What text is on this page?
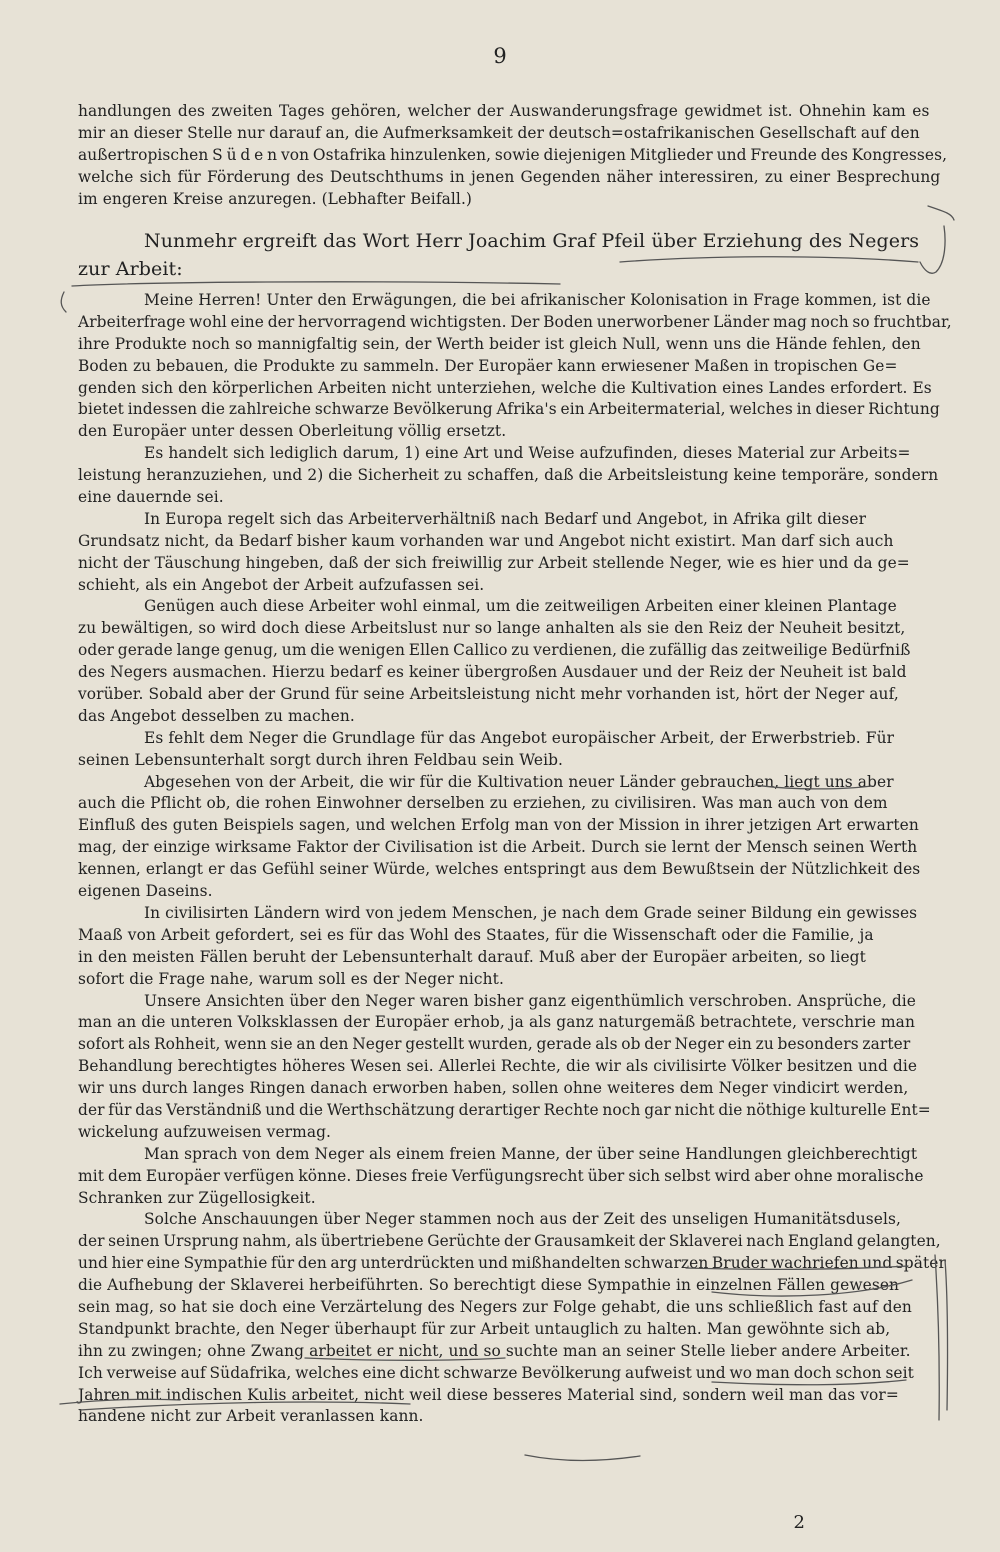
9
handlungen des zweiten Tages gehören, welcher der Auswanderungsfrage gewidmet ist. Ohnehin kam es
mir an dieser Stelle nur darauf an, die Aufmerksamkeit der deutsch=ostafrikanischen Gesellschaft auf den
außertropischen S ü d e n von Ostafrika hinzulenken, sowie diejenigen Mitglieder und Freunde des Kongresses,
welche sich für Förderung des Deutschthums in jenen Gegenden näher interessiren, zu einer Besprechung
im engeren Kreise anzuregen. (Lebhafter Beifall.)
Nunmehr ergreift das Wort Herr Joachim Graf Pfeil über Erziehung des Negers
zur Arbeit:
Meine Herren! Unter den Erwägungen, die bei afrikanischer Kolonisation in Frage kommen, ist die
Arbeiterfrage wohl eine der hervorragend wichtigsten. Der Boden unerworbener Länder mag noch so fruchtbar,
ihre Produkte noch so mannigfaltig sein, der Werth beider ist gleich Null, wenn uns die Hände fehlen, den
Boden zu bebauen, die Produkte zu sammeln. Der Europäer kann erwiesener Maßen in tropischen Ge=
genden sich den körperlichen Arbeiten nicht unterziehen, welche die Kultivation eines Landes erfordert. Es
bietet indessen die zahlreiche schwarze Bevölkerung Afrika's ein Arbeitermaterial, welches in dieser Richtung
den Europäer unter dessen Oberleitung völlig ersetzt.
Es handelt sich lediglich darum, 1) eine Art und Weise aufzufinden, dieses Material zur Arbeits=
leistung heranzuziehen, und 2) die Sicherheit zu schaffen, daß die Arbeitsleistung keine temporäre, sondern
eine dauernde sei.
In Europa regelt sich das Arbeiterverhältniß nach Bedarf und Angebot, in Afrika gilt dieser
Grundsatz nicht, da Bedarf bisher kaum vorhanden war und Angebot nicht existirt. Man darf sich auch
nicht der Täuschung hingeben, daß der sich freiwillig zur Arbeit stellende Neger, wie es hier und da ge=
schieht, als ein Angebot der Arbeit aufzufassen sei.
Genügen auch diese Arbeiter wohl einmal, um die zeitweiligen Arbeiten einer kleinen Plantage
zu bewältigen, so wird doch diese Arbeitslust nur so lange anhalten als sie den Reiz der Neuheit besitzt,
oder gerade lange genug, um die wenigen Ellen Callico zu verdienen, die zufällig das zeitweilige Bedürfniß
des Negers ausmachen. Hierzu bedarf es keiner übergroßen Ausdauer und der Reiz der Neuheit ist bald
vorüber. Sobald aber der Grund für seine Arbeitsleistung nicht mehr vorhanden ist, hört der Neger auf,
das Angebot desselben zu machen.
Es fehlt dem Neger die Grundlage für das Angebot europäischer Arbeit, der Erwerbstrieb. Für
seinen Lebensunterhalt sorgt durch ihren Feldbau sein Weib.
Abgesehen von der Arbeit, die wir für die Kultivation neuer Länder gebrauchen, liegt uns aber
auch die Pflicht ob, die rohen Einwohner derselben zu erziehen, zu civilisiren. Was man auch von dem
Einfluß des guten Beispiels sagen, und welchen Erfolg man von der Mission in ihrer jetzigen Art erwarten
mag, der einzige wirksame Faktor der Civilisation ist die Arbeit. Durch sie lernt der Mensch seinen Werth
kennen, erlangt er das Gefühl seiner Würde, welches entspringt aus dem Bewußtsein der Nützlichkeit des
eigenen Daseins.
In civilisirten Ländern wird von jedem Menschen, je nach dem Grade seiner Bildung ein gewisses
Maaß von Arbeit gefordert, sei es für das Wohl des Staates, für die Wissenschaft oder die Familie, ja
in den meisten Fällen beruht der Lebensunterhalt darauf. Muß aber der Europäer arbeiten, so liegt
sofort die Frage nahe, warum soll es der Neger nicht.
Unsere Ansichten über den Neger waren bisher ganz eigenthümlich verschroben. Ansprüche, die
man an die unteren Volksklassen der Europäer erhob, ja als ganz naturgemäß betrachtete, verschrie man
sofort als Rohheit, wenn sie an den Neger gestellt wurden, gerade als ob der Neger ein zu besonders zarter
Behandlung berechtigtes höheres Wesen sei. Allerlei Rechte, die wir als civilisirte Völker besitzen und die
wir uns durch langes Ringen danach erworben haben, sollen ohne weiteres dem Neger vindicirt werden,
der für das Verständniß und die Werthschätzung derartiger Rechte noch gar nicht die nöthige kulturelle Ent=
wickelung aufzuweisen vermag.
Man sprach von dem Neger als einem freien Manne, der über seine Handlungen gleichberechtigt
mit dem Europäer verfügen könne. Dieses freie Verfügungsrecht über sich selbst wird aber ohne moralische
Schranken zur Zügellosigkeit.
Solche Anschauungen über Neger stammen noch aus der Zeit des unseligen Humanitätsdusels,
der seinen Ursprung nahm, als übertriebene Gerüchte der Grausamkeit der Sklaverei nach England gelangten,
und hier eine Sympathie für den arg unterdrückten und mißhandelten schwarzen Bruder wachriefen und später
die Aufhebung der Sklaverei herbeiführten. So berechtigt diese Sympathie in einzelnen Fällen gewesen
sein mag, so hat sie doch eine Verzärtelung des Negers zur Folge gehabt, die uns schließlich fast auf den
Standpunkt brachte, den Neger überhaupt für zur Arbeit untauglich zu halten. Man gewöhnte sich ab,
ihn zu zwingen; ohne Zwang arbeitet er nicht, und so suchte man an seiner Stelle lieber andere Arbeiter.
Ich verweise auf Südafrika, welches eine dicht schwarze Bevölkerung aufweist und wo man doch schon seit
Jahren mit indischen Kulis arbeitet, nicht weil diese besseres Material sind, sondern weil man das vor=
handene nicht zur Arbeit veranlassen kann.
2
